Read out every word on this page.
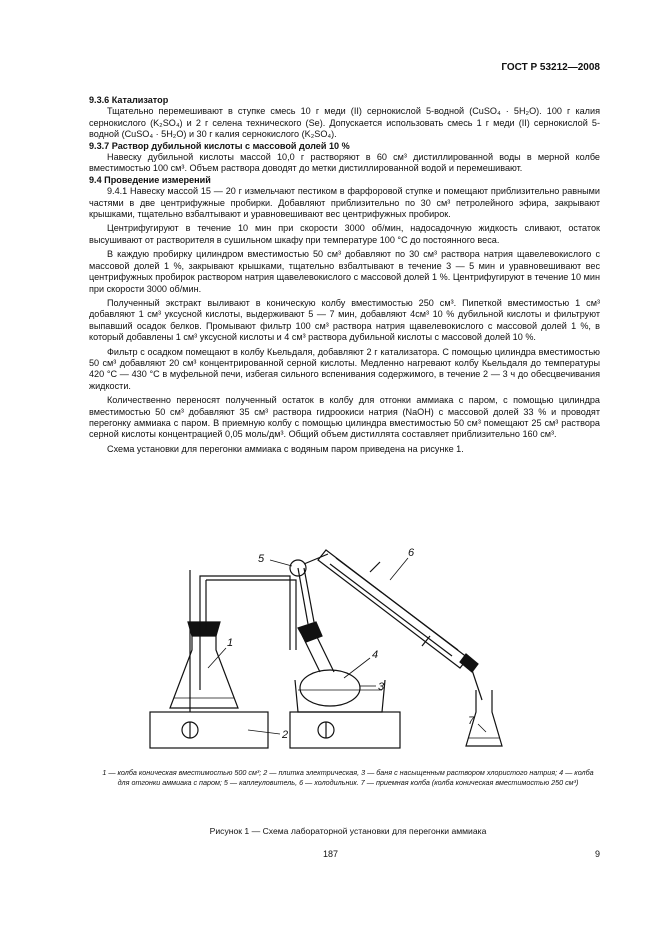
ГОСТ Р 53212—2008
9.3.6 Катализатор

Тщательно перемешивают в ступке смесь 10 г меди (II) сернокислой 5-водной (CuSO₄ · 5H₂O). 100 г калия сернокислого (K₂SO₄) и 2 г селена технического (Se). Допускается использовать смесь 1 г меди (II) сернокислой 5-водной (CuSO₄ · 5H₂O) и 30 г калия сернокислого (K₂SO₄).

9.3.7 Раствор дубильной кислоты с массовой долей 10 %

Навеску дубильной кислоты массой 10,0 г растворяют в 60 см³ дистиллированной воды в мерной колбе вместимостью 100 см³. Объем раствора доводят до метки дистиллированной водой и перемешивают.

9.4 Проведение измерений

9.4.1 Навеску массой 15 — 20 г измельчают пестиком в фарфоровой ступке и помещают приблизительно равными частями в две центрифужные пробирки. Добавляют приблизительно по 30 см³ петролейного эфира, закрывают крышками, тщательно взбалтывают и уравновешивают вес центрифужных пробирок.

Центрифугируют в течение 10 мин при скорости 3000 об/мин, надосадочную жидкость сливают, остаток высушивают от растворителя в сушильном шкафу при температуре 100 °С до постоянного веса.

В каждую пробирку цилиндром вместимостью 50 см³ добавляют по 30 см³ раствора натрия щавелевокислого с массовой долей 1 %, закрывают крышками, тщательно взбалтывают в течение 3 — 5 мин и уравновешивают вес центрифужных пробирок раствором натрия щавелевокислого с массовой долей 1 %. Центрифугируют в течение 10 мин при скорости 3000 об/мин.

Полученный экстракт выливают в коническую колбу вместимостью 250 см³. Пипеткой вместимостью 1 см³ добавляют 1 см³ уксусной кислоты, выдерживают 5 — 7 мин, добавляют 4см³ 10 % дубильной кислоты и фильтруют выпавший осадок белков. Промывают фильтр 100 см³ раствора натрия щавелевокислого с массовой долей 1 %, в который добавлены 1 см³ уксусной кислоты и 4 см³ раствора дубильной кислоты с массовой долей 10 %.

Фильтр с осадком помещают в колбу Кьельдаля, добавляют 2 г катализатора. С помощью цилиндра вместимостью 50 см³ добавляют 20 см³ концентрированной серной кислоты. Медленно нагревают колбу Кьельдаля до температуры 420 °С — 430 °С в муфельной печи, избегая сильного вспенивания содержимого, в течение 2 — 3 ч до обесцвечивания жидкости.

Количественно переносят полученный остаток в колбу для отгонки аммиака с паром, с помощью цилиндра вместимостью 50 см³ добавляют 35 см³ раствора гидроокиси натрия (NaOH) с массовой долей 33 % и проводят перегонку аммиака с паром. В приемную колбу с помощью цилиндра вместимостью 50 см³ помещают 25 см³ раствора серной кислоты концентрацией 0,05 моль/дм³. Общий объем дистиллята составляет приблизительно 160 см³.

Схема установки для перегонки аммиака с водяным паром приведена на рисунке 1.

1
2
3
4
5	6
7
1 — колба коническая вместимостью 500 см³; 2 — плитка электрическая, 3 — баня с насыщенным раствором хлористого натрия; 4 — колба для отгонки аммиака с паром; 5 — каплеуловитель, 6 — холодильник. 7 — приемная колба (колба коническая вместимостью 250 см³)
Рисунок 1 — Схема лабораторной установки для перегонки аммиака
187	9
